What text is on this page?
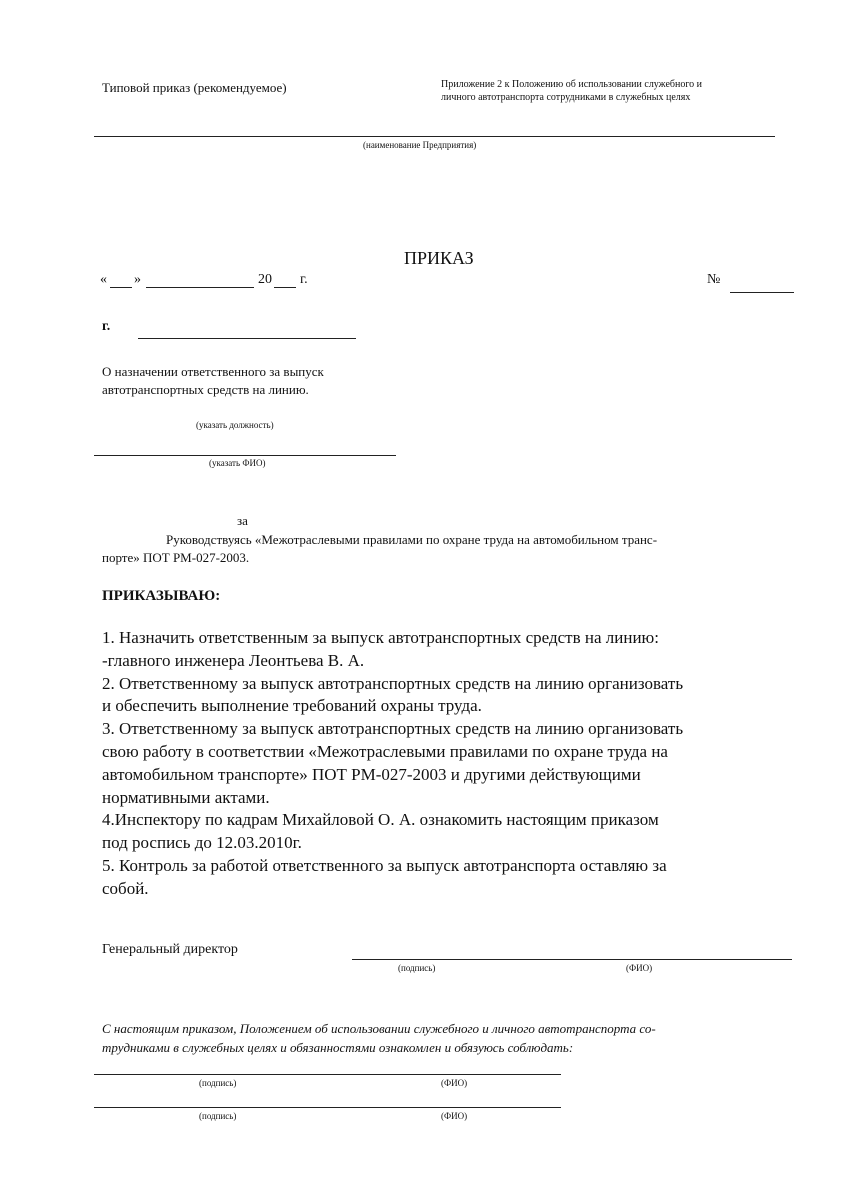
Типовой приказ (рекомендуемое)	Приложение 2 к Положению об использовании служебного и
личного автотранспорта сотрудниками в служебных целях
(наименование Предприятия)
ПРИКАЗ
« »	20 г.	№
г.
О назначении ответственного за выпуск
автотранспортных средств на линию.
(указать должность)
(указать ФИО)
за
Руководствуясь «Межотраслевыми правилами по охране труда на автомобильном транс-
порте» ПОТ РМ-027-2003.
ПРИКАЗЫВАЮ:
1. Назначить ответственным за выпуск автотранспортных средств на линию:
-главного инженера Леонтьева В. А.
2. Ответственному за выпуск автотранспортных средств на линию организовать
и обеспечить выполнение требований охраны труда.
3. Ответственному за выпуск автотранспортных средств на линию организовать
свою работу в соответствии «Межотраслевыми правилами по охране труда на
автомобильном транспорте» ПОТ РМ-027-2003 и другими действующими
нормативными актами.
4.Инспектору по кадрам Михайловой О. А. ознакомить настоящим приказом
под роспись до 12.03.2010г.
5. Контроль за работой ответственного за выпуск автотранспорта оставляю за
собой.
Генеральный директор
(подпись)	(ФИО)
С настоящим приказом, Положением об использовании служебного и личного автотранспорта со-
трудниками в служебных целях и обязанностями ознакомлен и обязуюсь соблюдать:
(подпись)	(ФИО)
(подпись)	(ФИО)
